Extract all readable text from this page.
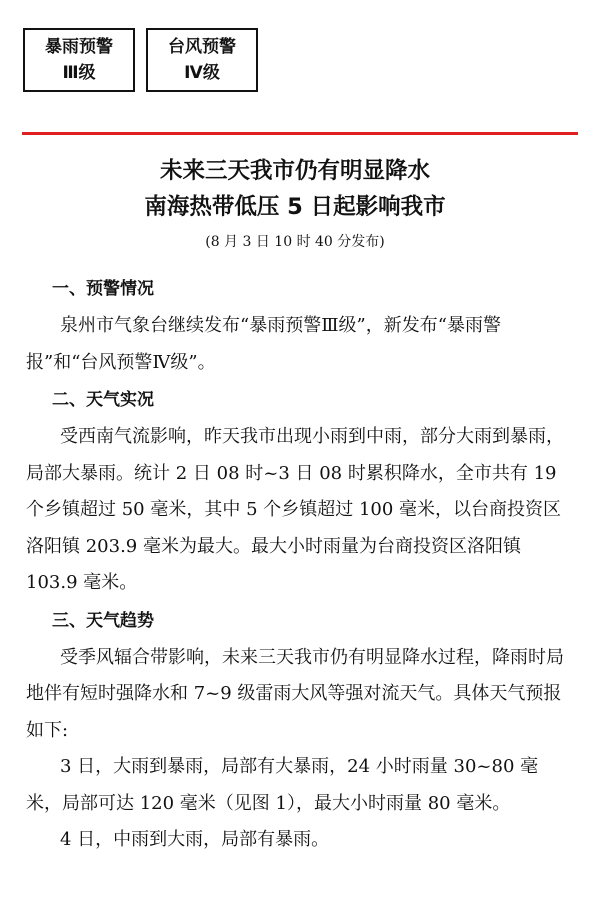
暴雨预警
Ⅲ级
台风预警
Ⅳ级
未来三天我市仍有明显降水
南海热带低压 5 日起影响我市
(8 月 3 日 10 时 40 分发布)
一、预警情况

泉州市气象台继续发布“暴雨预警Ⅲ级”，新发布“暴雨警报”和“台风预警Ⅳ级”。

二、天气实况

受西南气流影响，昨天我市出现小雨到中雨，部分大雨到暴雨，局部大暴雨。统计 2 日 08 时~3 日 08 时累积降水，全市共有 19 个乡镇超过 50 毫米，其中 5 个乡镇超过 100 毫米，以台商投资区洛阳镇 203.9 毫米为最大。最大小时雨量为台商投资区洛阳镇 103.9 毫米。

三、天气趋势

受季风辐合带影响，未来三天我市仍有明显降水过程，降雨时局地伴有短时强降水和 7~9 级雷雨大风等强对流天气。具体天气预报如下:

3 日，大雨到暴雨，局部有大暴雨，24 小时雨量 30~80 毫米，局部可达 120 毫米（见图 1），最大小时雨量 80 毫米。

4 日，中雨到大雨，局部有暴雨。
